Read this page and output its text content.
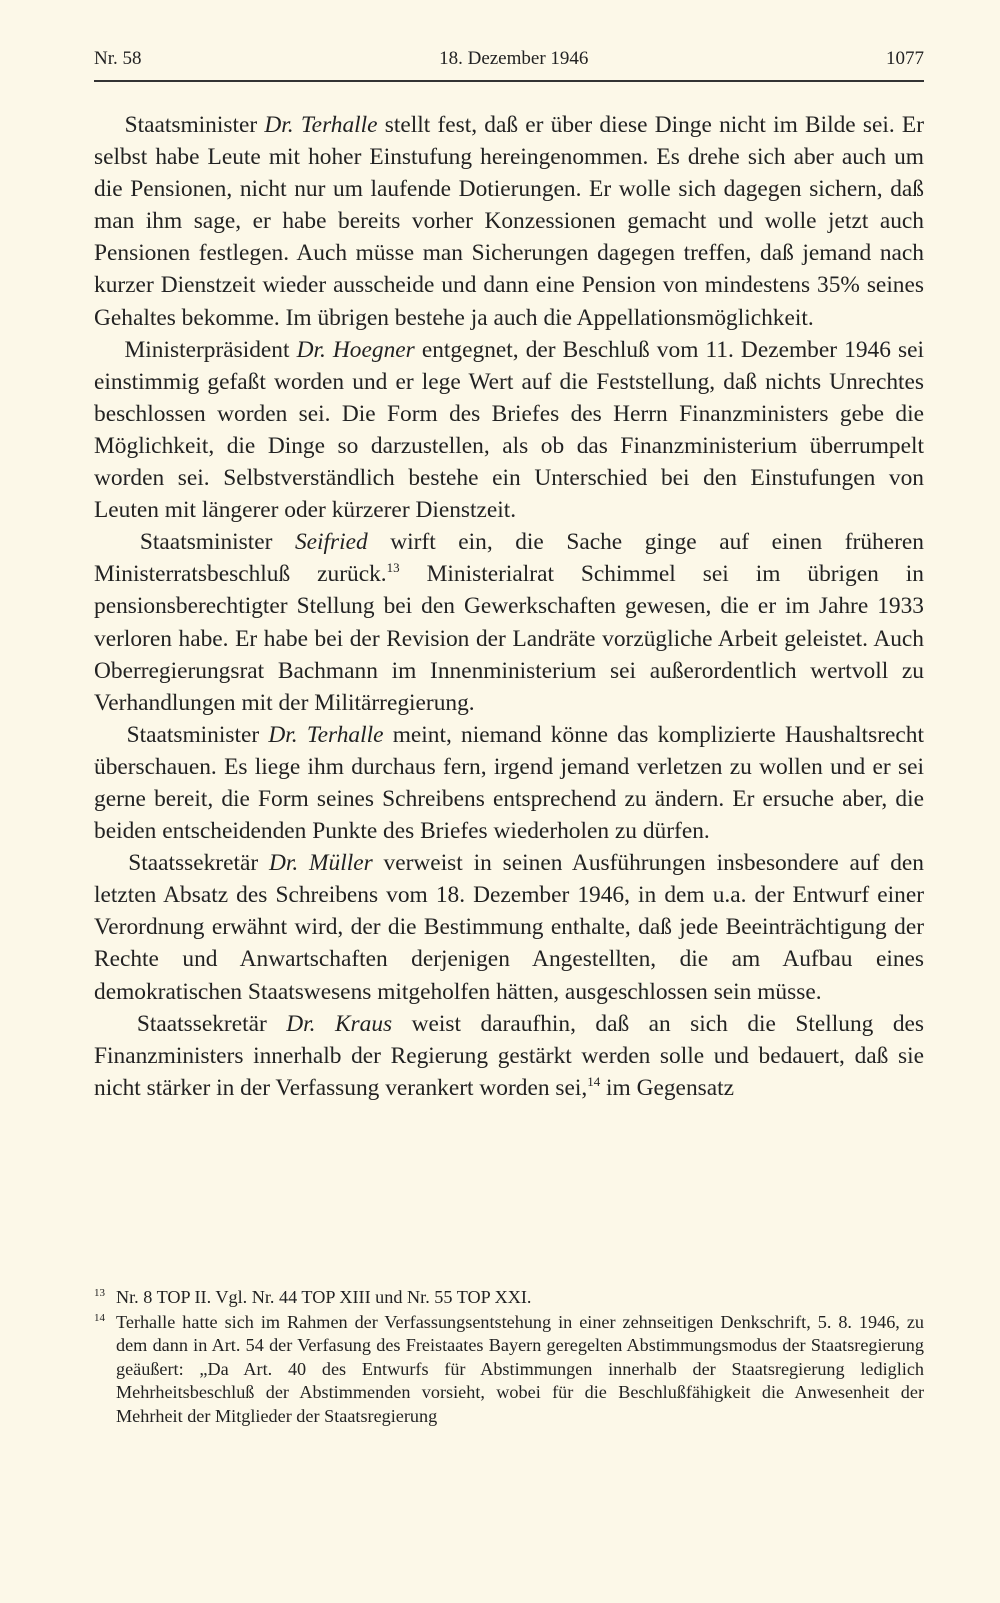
Nr. 58	18. Dezember 1946	1077

  Staatsminister Dr. Terhalle stellt fest, daß er über diese Dinge nicht im Bilde sei. Er selbst habe Leute mit hoher Einstufung hereingenommen. Es drehe sich aber auch um die Pensionen, nicht nur um laufende Dotierungen. Er wolle sich dagegen sichern, daß man ihm sage, er habe bereits vorher Konzessionen gemacht und wolle jetzt auch Pensionen festlegen. Auch müsse man Sicherungen dagegen treffen, daß jemand nach kurzer Dienstzeit wieder ausscheide und dann eine Pension von mindestens 35% seines Gehaltes bekomme. Im übrigen bestehe ja auch die Appellationsmöglichkeit.

  Ministerpräsident Dr. Hoegner entgegnet, der Beschluß vom 11. Dezember 1946 sei einstimmig gefaßt worden und er lege Wert auf die Feststellung, daß nichts Unrechtes beschlossen worden sei. Die Form des Briefes des Herrn Finanzministers gebe die Möglichkeit, die Dinge so darzustellen, als ob das Finanzministerium überrumpelt worden sei. Selbstverständlich bestehe ein Unterschied bei den Einstufungen von Leuten mit längerer oder kürzerer Dienstzeit.

  Staatsminister Seifried wirft ein, die Sache ginge auf einen früheren Ministerratsbeschluß zurück.$^{13}$ Ministerialrat Schimmel sei im übrigen in pensionsberechtigter Stellung bei den Gewerkschaften gewesen, die er im Jahre 1933 verloren habe. Er habe bei der Revision der Landräte vorzügliche Arbeit geleistet. Auch Oberregierungsrat Bachmann im Innenministerium sei außerordentlich wertvoll zu Verhandlungen mit der Militärregierung.

  Staatsminister Dr. Terhalle meint, niemand könne das komplizierte Haushaltsrecht überschauen. Es liege ihm durchaus fern, irgend jemand verletzen zu wollen und er sei gerne bereit, die Form seines Schreibens entsprechend zu ändern. Er ersuche aber, die beiden entscheidenden Punkte des Briefes wiederholen zu dürfen.

  Staatssekretär Dr. Müller verweist in seinen Ausführungen insbesondere auf den letzten Absatz des Schreibens vom 18. Dezember 1946, in dem u.a. der Entwurf einer Verordnung erwähnt wird, der die Bestimmung enthalte, daß jede Beeinträchtigung der Rechte und Anwartschaften derjenigen Angestellten, die am Aufbau eines demokratischen Staatswesens mitgeholfen hätten, ausgeschlossen sein müsse.

  Staatssekretär Dr. Kraus weist daraufhin, daß an sich die Stellung des Finanzministers innerhalb der Regierung gestärkt werden solle und bedauert, daß sie nicht stärker in der Verfassung verankert worden sei,$^{14}$ im Gegensatz

13 Nr. 8 TOP II. Vgl. Nr. 44 TOP XIII und Nr. 55 TOP XXI.
14 Terhalle hatte sich im Rahmen der Verfassungsentstehung in einer zehnseitigen Denkschrift, 5. 8. 1946, zu dem dann in Art. 54 der Verfasung des Freistaates Bayern geregelten Abstimmungsmodus der Staatsregierung geäußert: „Da Art. 40 des Entwurfs für Abstimmungen innerhalb der Staatsregierung lediglich Mehrheitsbeschluß der Abstimmenden vorsieht, wobei für die Beschlußfähigkeit die Anwesenheit der Mehrheit der Mitglieder der Staatsregierung
